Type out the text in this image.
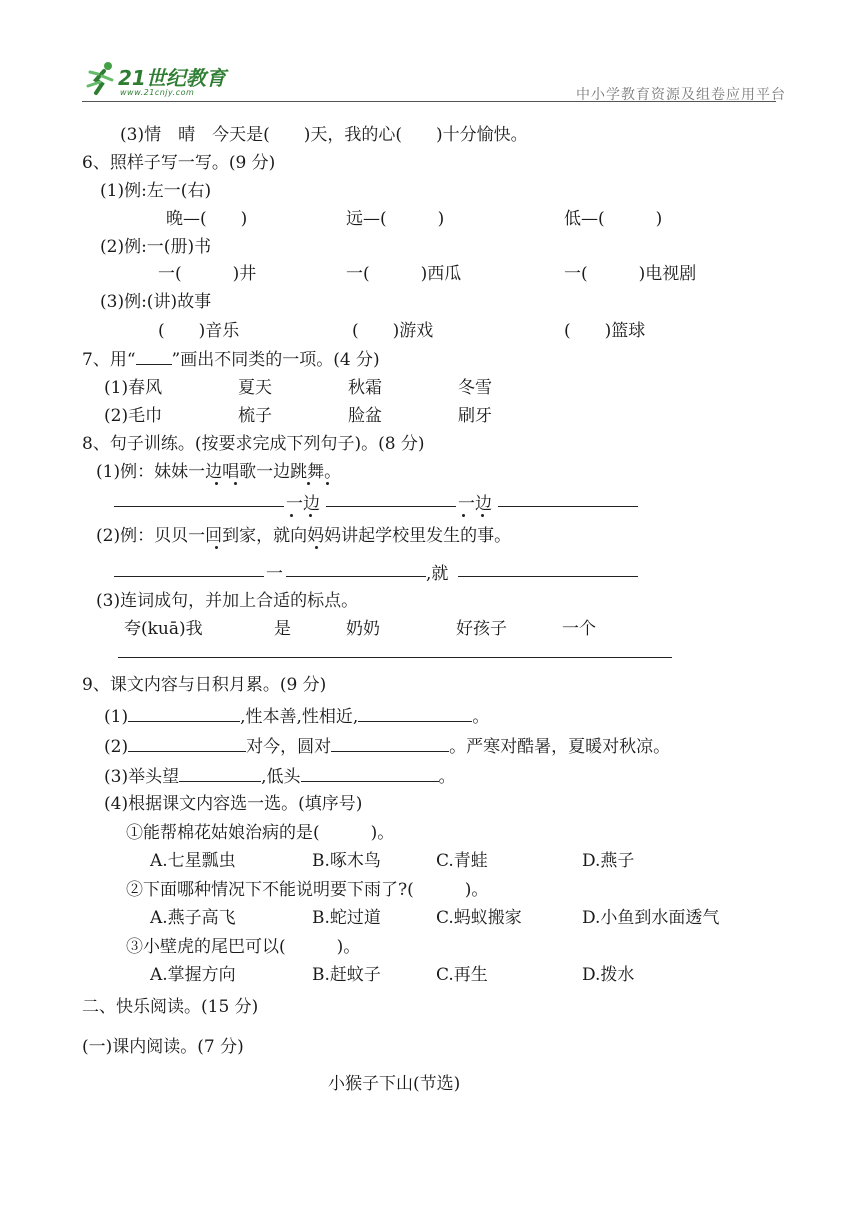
21世纪教育
www.21cnjy.com	中小学教育资源及组卷应用平台
(3)情　晴　今天是(　　)天，我的心(　　)十分愉快。
6、照样子写一写。(9 分)
(1)例:左一(右)
晚—(　　)	远—(　　　)	低—(　　　)
(2)例:一(册)书
一(　　　)井	一(　　　)西瓜	一(　　　)电视剧
(3)例:(讲)故事
(　　)音乐	(　　)游戏	(　　)篮球
7、用“ ”画出不同类的一项。(4 分)
(1)春风	夏天	秋霜	冬雪
(2)毛巾	梳子	脸盆	刷牙
8、句子训练。(按要求完成下列句子)。(8 分)
(1)例：妹妹一边唱歌一边跳舞。
一边	一边
(2)例：贝贝一回到家，就向妈妈讲起学校里发生的事。
一	,就
(3)连词成句，并加上合适的标点。
夸(kuā)我	是	奶奶	好孩子	一个
9、课文内容与日积月累。(9 分)
(1)	,性本善,性相近,	。
(2)	对今，圆对	。严寒对酷暑，夏暖对秋凉。
(3)举头望	,低头	。
(4)根据课文内容选一选。(填序号)
①能帮棉花姑娘治病的是(　　　)。
A.七星瓢虫	B.啄木鸟	C.青蛙	D.燕子
②下面哪种情况下不能说明要下雨了?(　　　)。
A.燕子高飞	B.蛇过道	C.蚂蚁搬家	D.小鱼到水面透气
③小壁虎的尾巴可以(　　　)。
A.掌握方向	B.赶蚊子	C.再生	D.拨水
二、快乐阅读。(15 分)
(一)课内阅读。(7 分)
小猴子下山(节选)
